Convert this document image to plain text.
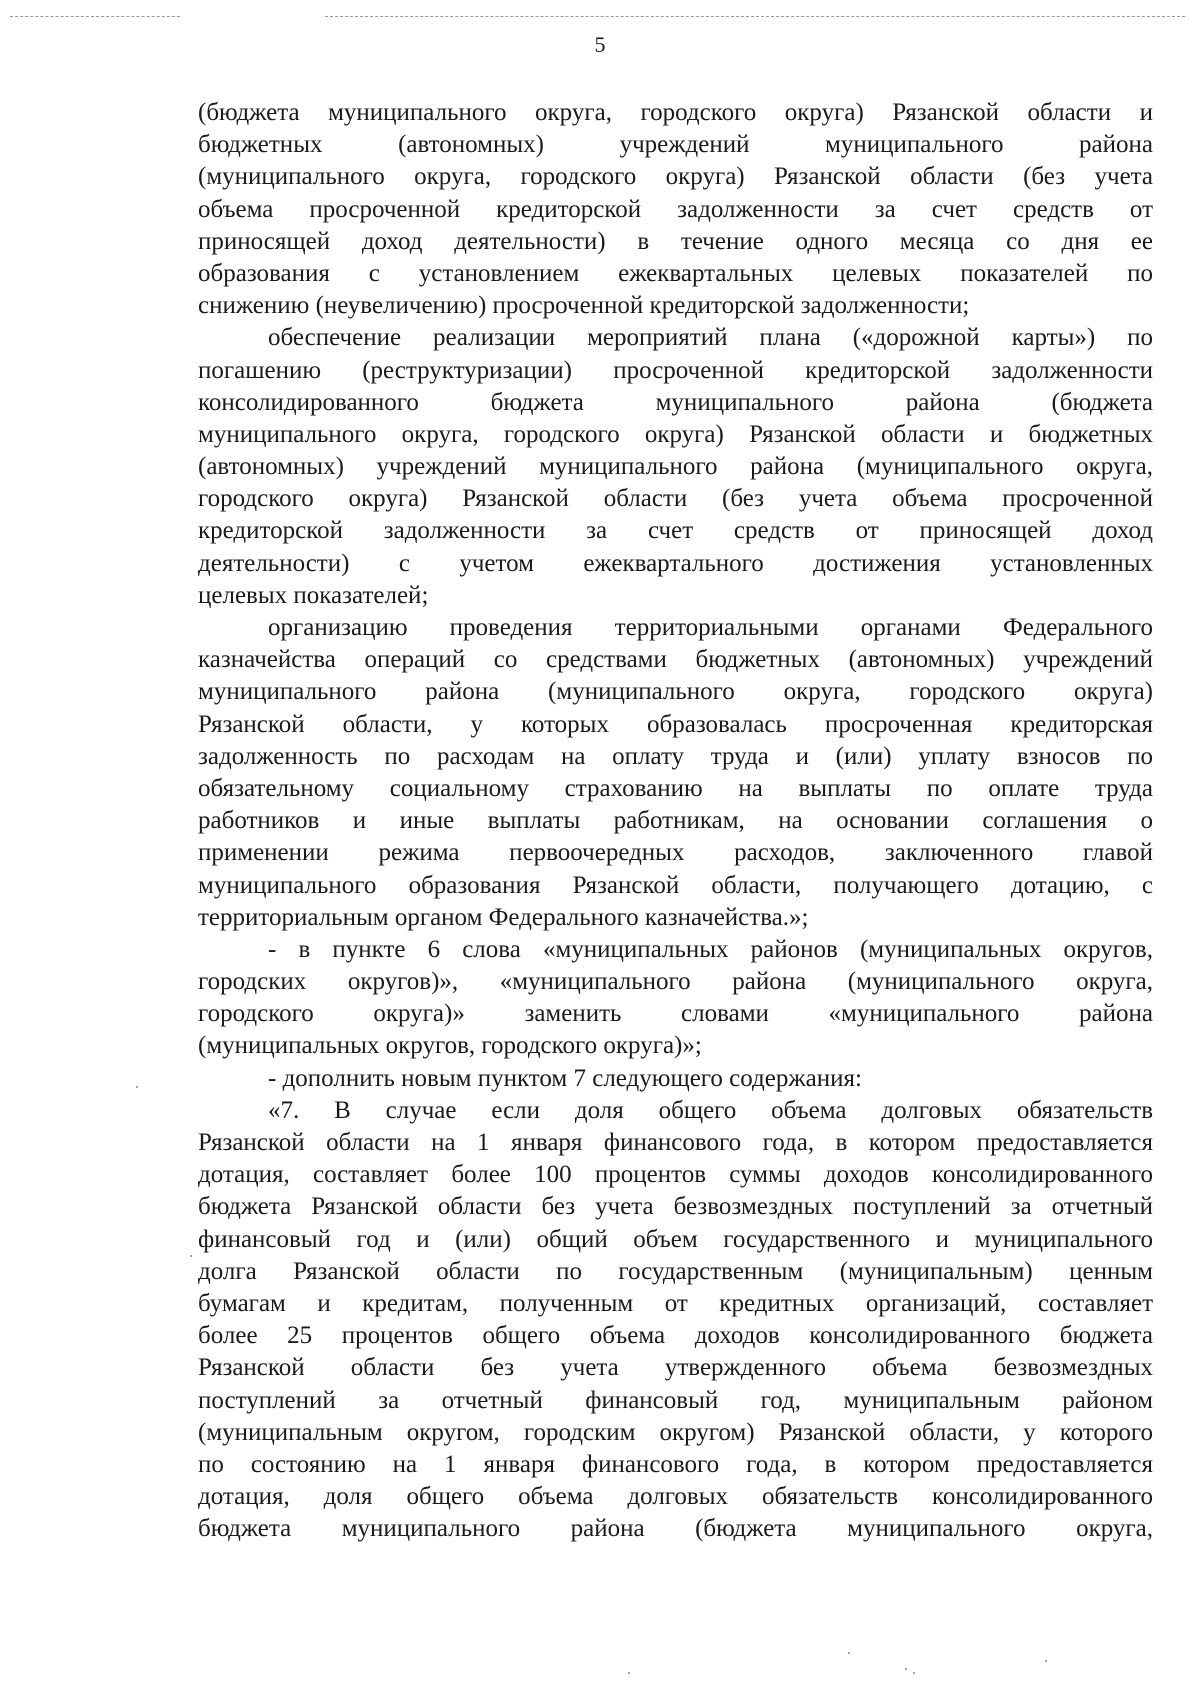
5
(бюджета муниципального округа, городского округа) Рязанской области и
бюджетных (автономных) учреждений муниципального района
(муниципального округа, городского округа) Рязанской области (без учета
объема просроченной кредиторской задолженности за счет средств от
приносящей доход деятельности) в течение одного месяца со дня ее
образования с установлением ежеквартальных целевых показателей по
снижению (неувеличению) просроченной кредиторской задолженности;
обеспечение реализации мероприятий плана («дорожной карты») по
погашению (реструктуризации) просроченной кредиторской задолженности
консолидированного бюджета муниципального района (бюджета
муниципального округа, городского округа) Рязанской области и бюджетных
(автономных) учреждений муниципального района (муниципального округа,
городского округа) Рязанской области (без учета объема просроченной
кредиторской задолженности за счет средств от приносящей доход
деятельности) с учетом ежеквартального достижения установленных
целевых показателей;
организацию проведения территориальными органами Федерального
казначейства операций со средствами бюджетных (автономных) учреждений
муниципального района (муниципального округа, городского округа)
Рязанской области, у которых образовалась просроченная кредиторская
задолженность по расходам на оплату труда и (или) уплату взносов по
обязательному социальному страхованию на выплаты по оплате труда
работников и иные выплаты работникам, на основании соглашения о
применении режима первоочередных расходов, заключенного главой
муниципального образования Рязанской области, получающего дотацию, с
территориальным органом Федерального казначейства.»;
- в пункте 6 слова «муниципальных районов (муниципальных округов,
городских округов)», «муниципального района (муниципального округа,
городского округа)» заменить словами «муниципального района
(муниципальных округов, городского округа)»;
- дополнить новым пунктом 7 следующего содержания:
«7. В случае если доля общего объема долговых обязательств
Рязанской области на 1 января финансового года, в котором предоставляется
дотация, составляет более 100 процентов суммы доходов консолидированного
бюджета Рязанской области без учета безвозмездных поступлений за отчетный
финансовый год и (или) общий объем государственного и муниципального
долга Рязанской области по государственным (муниципальным) ценным
бумагам и кредитам, полученным от кредитных организаций, составляет
более 25 процентов общего объема доходов консолидированного бюджета
Рязанской области без учета утвержденного объема безвозмездных
поступлений за отчетный финансовый год, муниципальным районом
(муниципальным округом, городским округом) Рязанской области, у которого
по состоянию на 1 января финансового года, в котором предоставляется
дотация, доля общего объема долговых обязательств консолидированного
бюджета муниципального района (бюджета муниципального округа,
